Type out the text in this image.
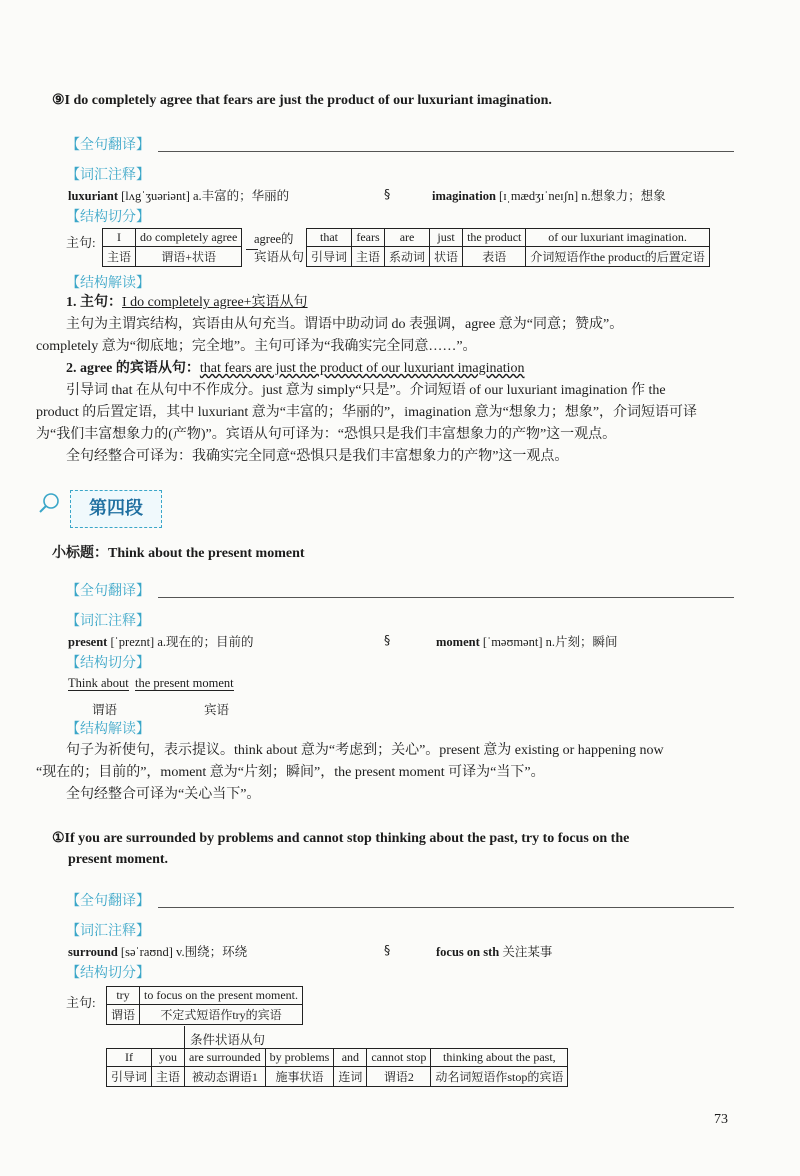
⑨I do completely agree that fears are just the product of our luxuriant imagination.
【全句翻译】
【词汇注释】
luxuriant [lʌgˈʒuəriənt] a.丰富的；华丽的	§	imagination [ɪˌmædʒɪˈneɪʃn] n.想象力；想象
【结构切分】
主句: I	do completely agree
主语	谓语+状语
agree的
宾语从句
that	fears	are	just	the product	of our luxuriant imagination.
引导词	主语	系动词	状语	表语	介词短语作the product的后置定语
【结构解读】
1. 主句：I do completely agree+宾语从句
主句为主谓宾结构，宾语由从句充当。谓语中助动词 do 表强调，agree 意为“同意；赞成”。
completely 意为“彻底地；完全地”。主句可译为“我确实完全同意……”。
2. agree 的宾语从句：that fears are just the product of our luxuriant imagination
引导词 that 在从句中不作成分。just 意为 simply“只是”。介词短语 of our luxuriant imagination 作 the
product 的后置定语，其中 luxuriant 意为“丰富的；华丽的”，imagination 意为“想象力；想象”，介词短语可译
为“我们丰富想象力的(产物)”。宾语从句可译为：“恐惧只是我们丰富想象力的产物”这一观点。
全句经整合可译为：我确实完全同意“恐惧只是我们丰富想象力的产物”这一观点。
第四段
小标题：Think about the present moment
【全句翻译】
【词汇注释】
present [ˈpreznt] a.现在的；目前的	§	moment [ˈməʊmənt] n.片刻；瞬间
【结构切分】
Think about the present moment
谓语	宾语
【结构解读】
句子为祈使句，表示提议。think about 意为“考虑到；关心”。present 意为 existing or happening now
“现在的；目前的”，moment 意为“片刻；瞬间”，the present moment 可译为“当下”。
全句经整合可译为“关心当下”。
①If you are surrounded by problems and cannot stop thinking about the past, try to focus on the
present moment.
【全句翻译】
【词汇注释】
surround [səˈraʊnd] v.围绕；环绕	§	focus on sth 关注某事
【结构切分】
主句: try	to focus on the present moment.
谓语	不定式短语作try的宾语
条件状语从句
If	you	are surrounded	by problems	and	cannot stop	thinking about the past,
引导词	主语	被动态谓语1	施事状语	连词	谓语2	动名词短语作stop的宾语
73
